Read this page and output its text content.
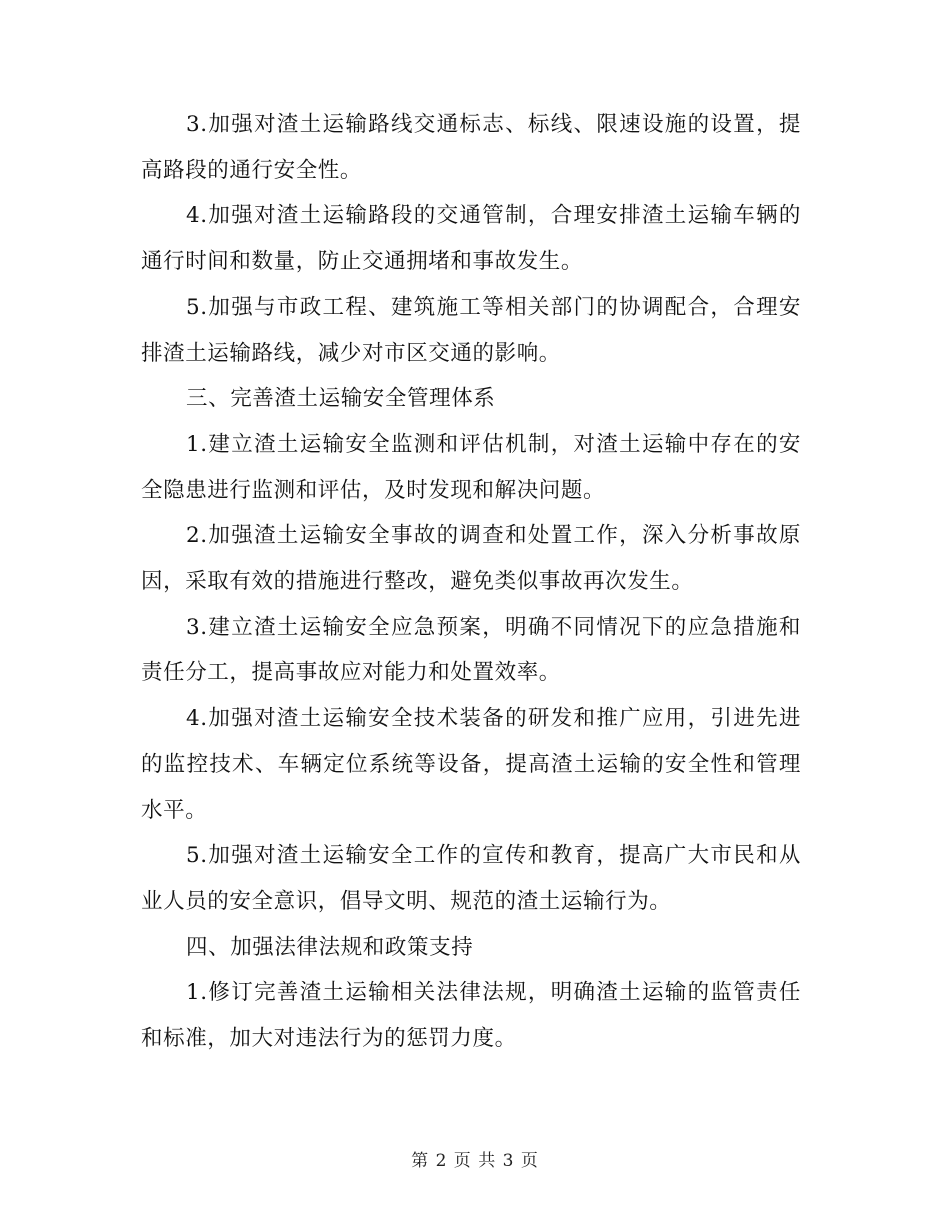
3.加强对渣土运输路线交通标志、标线、限速设施的设置，提高路段的通行安全性。

4.加强对渣土运输路段的交通管制，合理安排渣土运输车辆的通行时间和数量，防止交通拥堵和事故发生。

5.加强与市政工程、建筑施工等相关部门的协调配合，合理安排渣土运输路线，减少对市区交通的影响。

三、完善渣土运输安全管理体系

1.建立渣土运输安全监测和评估机制，对渣土运输中存在的安全隐患进行监测和评估，及时发现和解决问题。

2.加强渣土运输安全事故的调查和处置工作，深入分析事故原因，采取有效的措施进行整改，避免类似事故再次发生。

3.建立渣土运输安全应急预案，明确不同情况下的应急措施和责任分工，提高事故应对能力和处置效率。

4.加强对渣土运输安全技术装备的研发和推广应用，引进先进的监控技术、车辆定位系统等设备，提高渣土运输的安全性和管理水平。

5.加强对渣土运输安全工作的宣传和教育，提高广大市民和从业人员的安全意识，倡导文明、规范的渣土运输行为。

四、加强法律法规和政策支持

1.修订完善渣土运输相关法律法规，明确渣土运输的监管责任和标准，加大对违法行为的惩罚力度。

第 2 页 共 3 页
